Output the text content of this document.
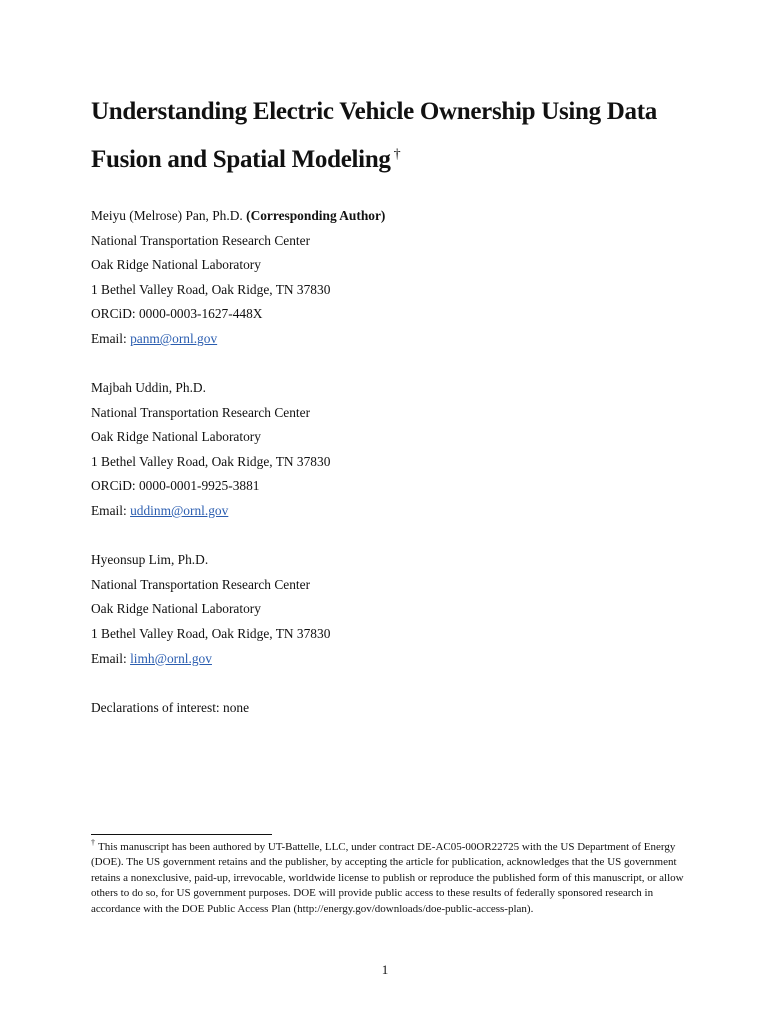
Understanding Electric Vehicle Ownership Using Data
Fusion and Spatial Modeling †
Meiyu (Melrose) Pan, Ph.D. (Corresponding Author)
National Transportation Research Center
Oak Ridge National Laboratory
1 Bethel Valley Road, Oak Ridge, TN 37830
ORCiD: 0000-0003-1627-448X
Email: panm@ornl.gov
Majbah Uddin, Ph.D.
National Transportation Research Center
Oak Ridge National Laboratory
1 Bethel Valley Road, Oak Ridge, TN 37830
ORCiD: 0000-0001-9925-3881
Email: uddinm@ornl.gov
Hyeonsup Lim, Ph.D.
National Transportation Research Center
Oak Ridge National Laboratory
1 Bethel Valley Road, Oak Ridge, TN 37830
Email: limh@ornl.gov
Declarations of interest: none

† This manuscript has been authored by UT-Battelle, LLC, under contract DE-AC05-00OR22725 with the US Department of Energy (DOE). The US government retains and the publisher, by accepting the article for publication, acknowledges that the US government retains a nonexclusive, paid-up, irrevocable, worldwide license to publish or reproduce the published form of this manuscript, or allow others to do so, for US government purposes. DOE will provide public access to these results of federally sponsored research in accordance with the DOE Public Access Plan (http://energy.gov/downloads/doe-public-access-plan).

1
